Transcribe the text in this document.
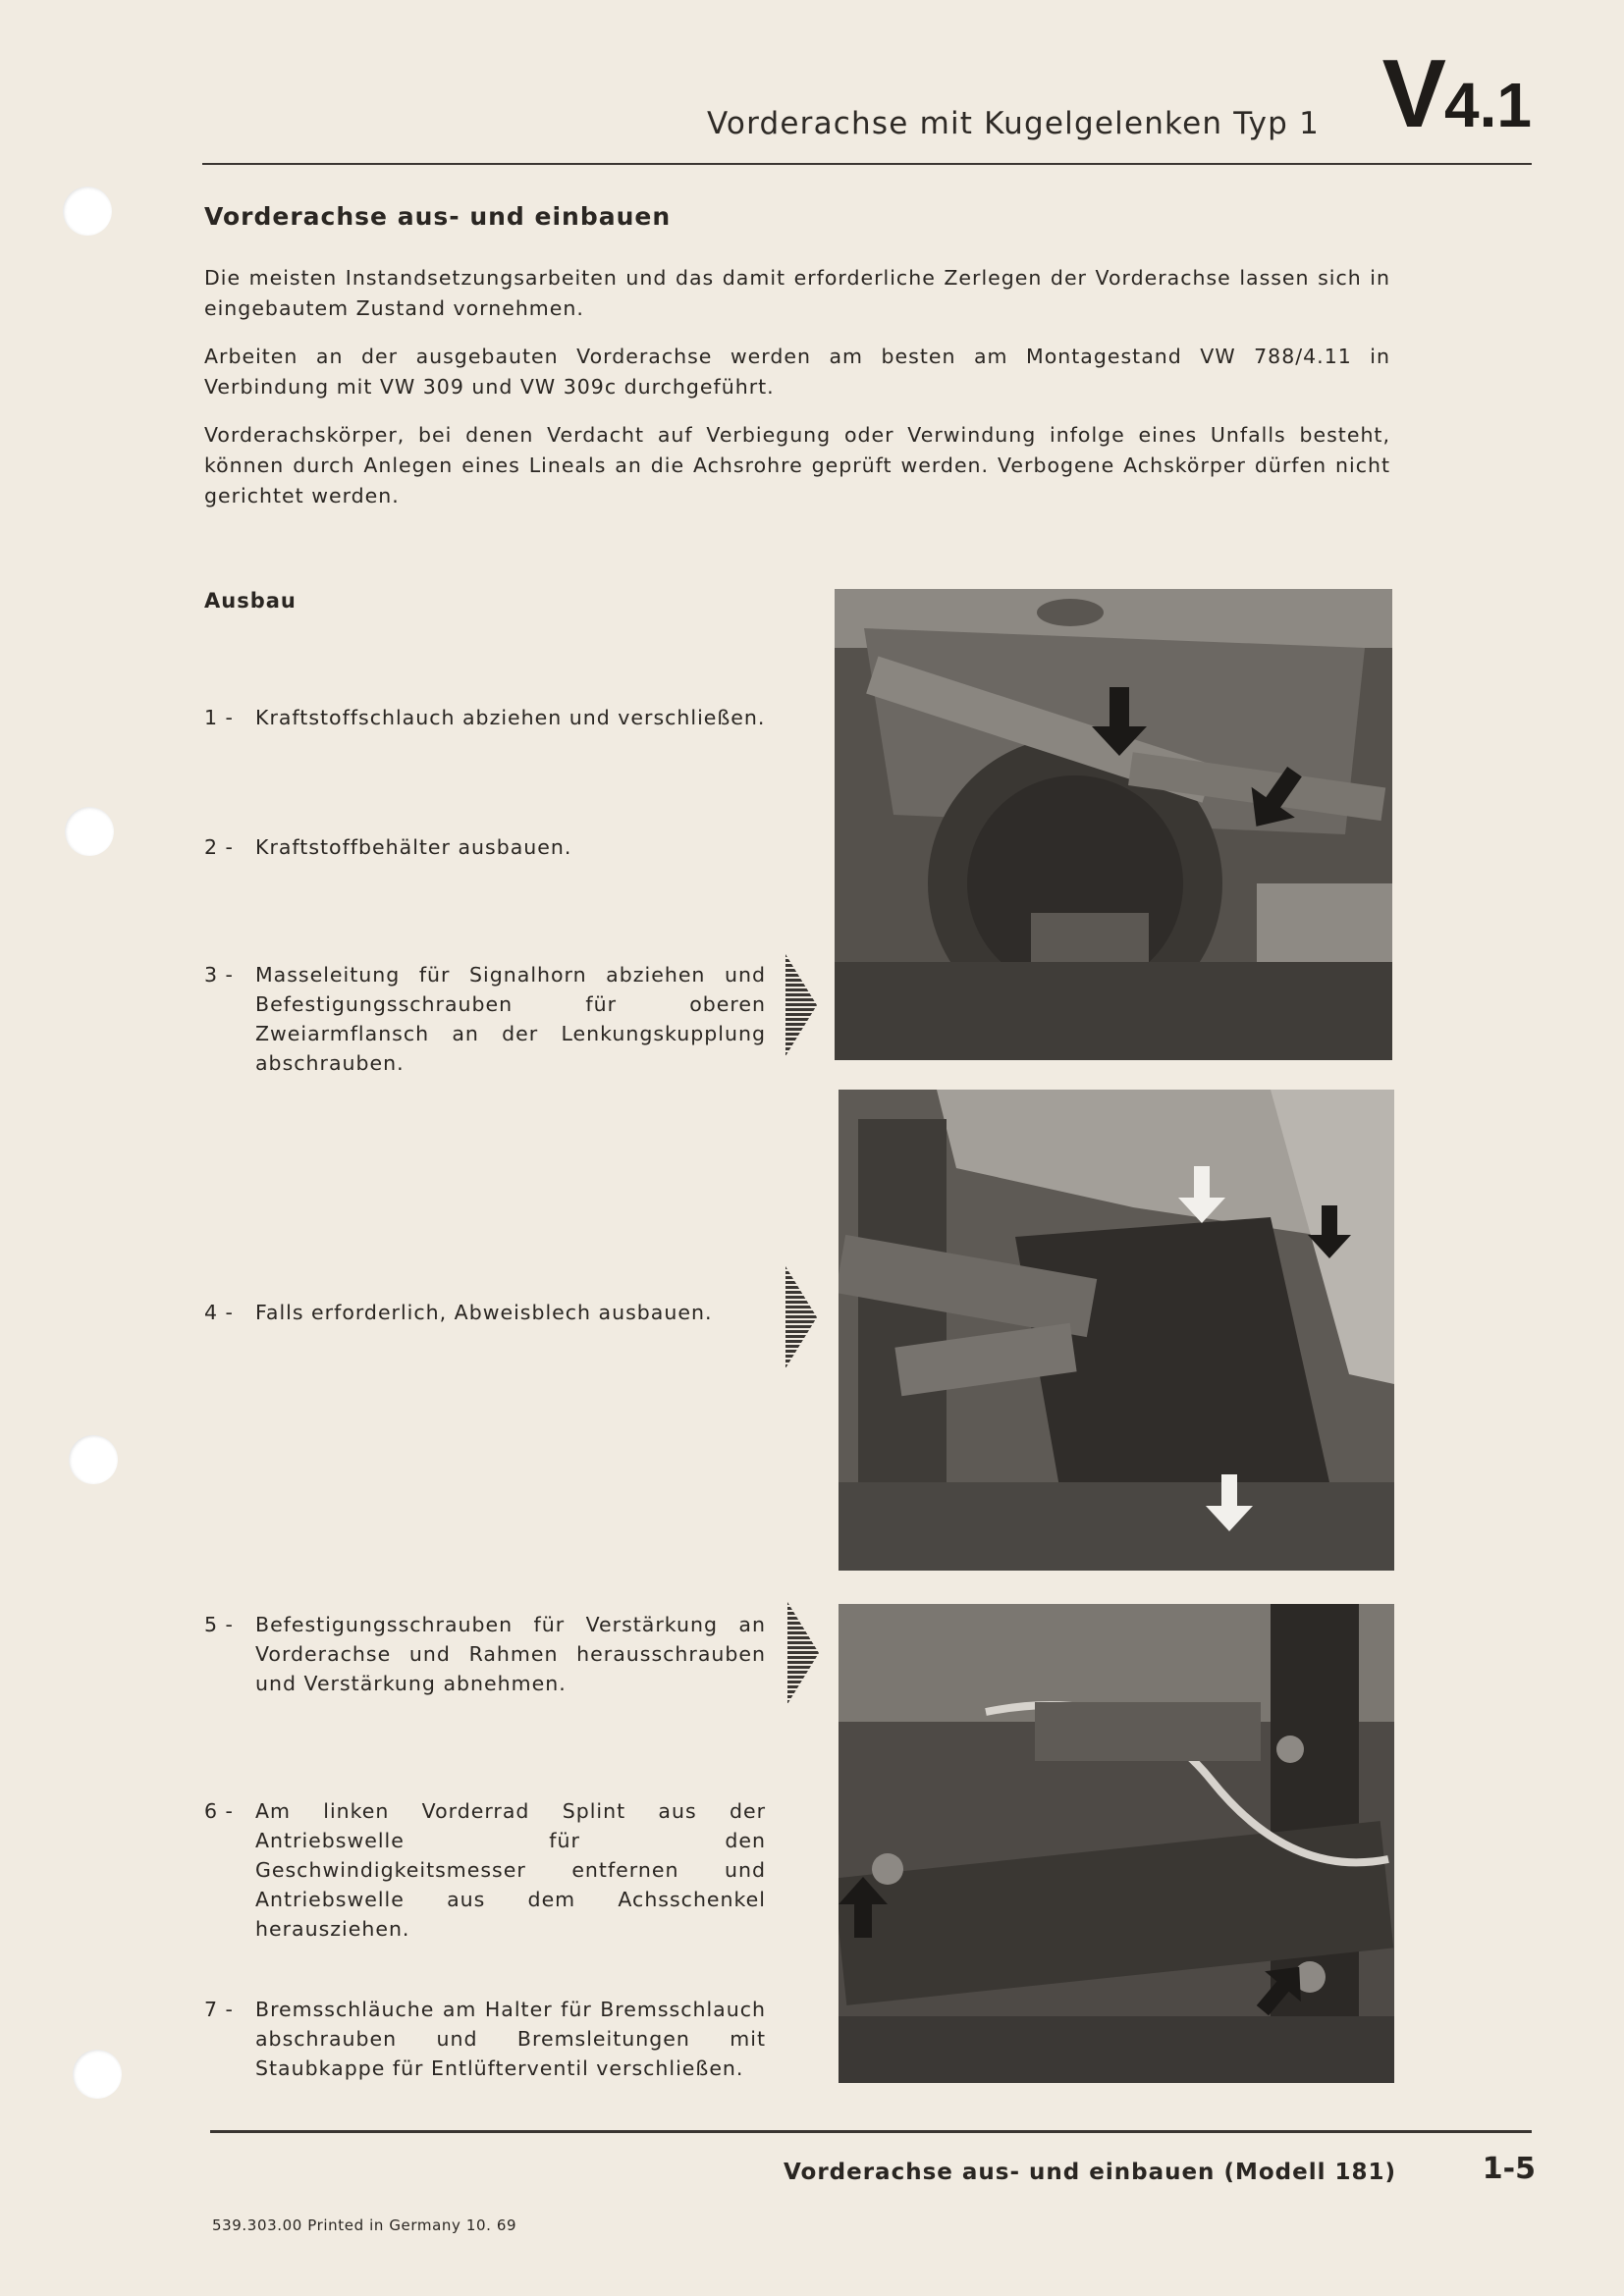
Vorderachse mit Kugelgelenken Typ 1 V4.1
Vorderachse aus- und einbauen

Die meisten Instandsetzungsarbeiten und das damit erforderliche Zerlegen der Vorderachse lassen sich in eingebautem Zustand vornehmen.

Arbeiten an der ausgebauten Vorderachse werden am besten am Montagestand VW 788/4.11 in Verbindung mit VW 309 und VW 309c durchgeführt.

Vorderachskörper, bei denen Verdacht auf Verbiegung oder Verwindung infolge eines Unfalls besteht, können durch Anlegen eines Lineals an die Achsrohre geprüft werden. Verbogene Achskörper dürfen nicht gerichtet werden.

Ausbau
1 -	Kraftstoffschlauch abziehen und verschließen.
2 -	Kraftstoffbehälter ausbauen.
3 -	Masseleitung für Signalhorn abziehen und Befestigungsschrauben für oberen Zweiarmflansch an der Lenkungskupplung abschrauben.
4 -	Falls erforderlich, Abweisblech ausbauen.
5 -	Befestigungsschrauben für Verstärkung an Vorderachse und Rahmen herausschrauben und Verstärkung abnehmen.
6 -	Am linken Vorderrad Splint aus der Antriebswelle für den Geschwindigkeitsmesser entfernen und Antriebswelle aus dem Achsschenkel herausziehen.
7 -	Bremsschläuche am Halter für Bremsschlauch abschrauben und Bremsleitungen mit Staubkappe für Entlüfterventil verschließen.
Vorderachse aus- und einbauen (Modell 181)	1-5
539.303.00 Printed in Germany 10. 69
